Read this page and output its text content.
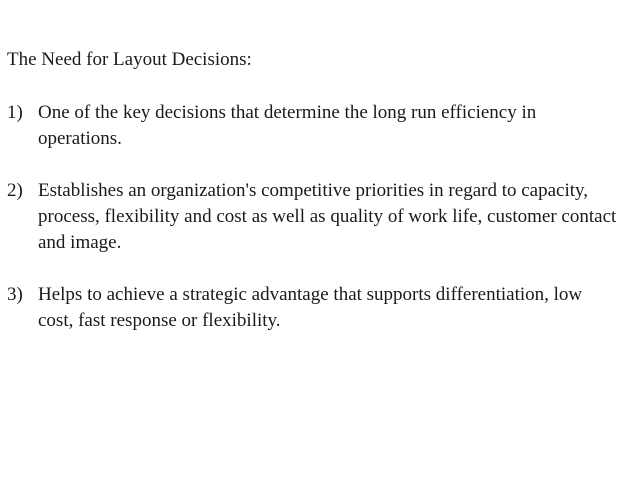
The Need for Layout Decisions:
1) One of the key decisions that determine the long run efficiency in operations.
2) Establishes an organization's competitive priorities in regard to capacity, process, flexibility and cost as well as quality of work life, customer contact and image.
3) Helps to achieve a strategic advantage that supports differentiation, low cost, fast response or flexibility.
